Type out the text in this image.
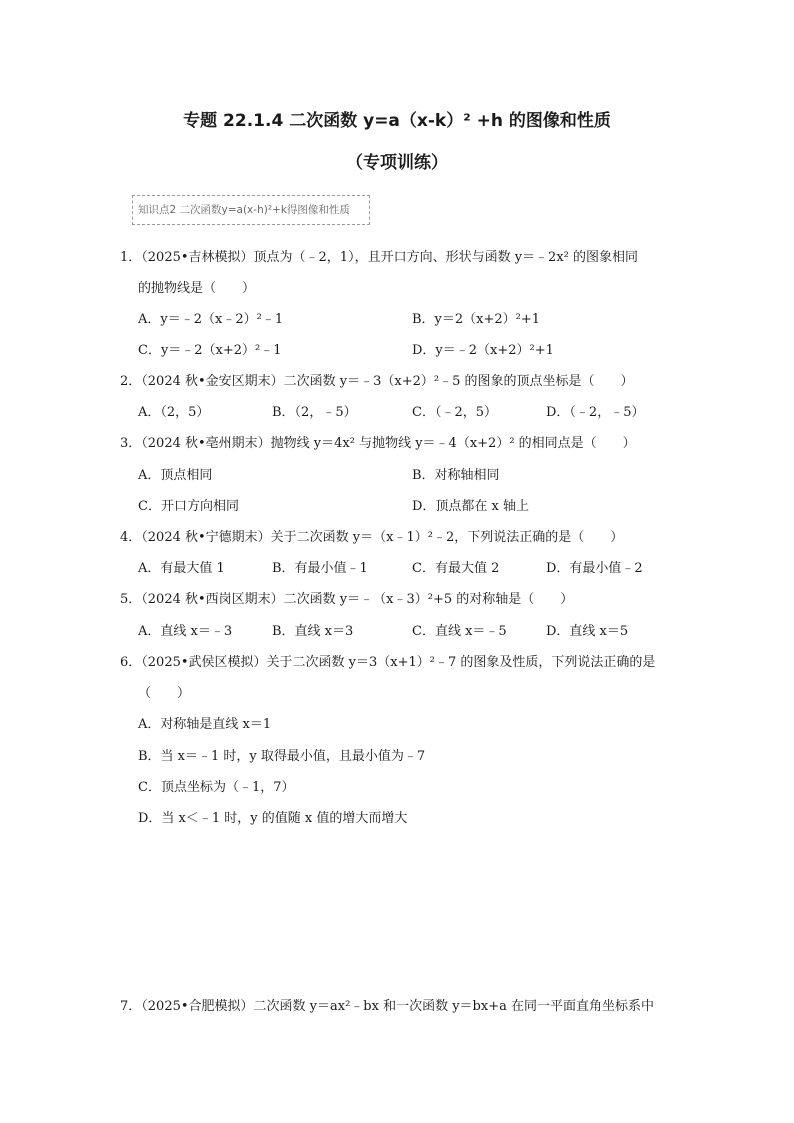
专题 22.1.4 二次函数 y=a（x-k）² +h 的图像和性质
（专项训练）
知识点2 二次函数y=a(x-h)²+k得图像和性质
1．（2025•吉林模拟）顶点为（﹣2，1），且开口方向、形状与函数 y＝﹣2x² 的图象相同
的抛物线是（　　）
A．y＝﹣2（x﹣2）²﹣1	B．y＝2（x+2）²+1
C．y＝﹣2（x+2）²﹣1	D．y＝﹣2（x+2）²+1
2．（2024 秋•金安区期末）二次函数 y＝﹣3（x+2）²﹣5 的图象的顶点坐标是（　　）
A．（2，5）	B．（2，﹣5）	C．（﹣2，5）	D．（﹣2，﹣5）
3．（2024 秋•亳州期末）抛物线 y＝4x² 与抛物线 y＝﹣4（x+2）² 的相同点是（　　）
A．顶点相同	B．对称轴相同
C．开口方向相同	D．顶点都在 x 轴上
4．（2024 秋•宁德期末）关于二次函数 y＝（x﹣1）²﹣2，下列说法正确的是（　　）
A．有最大值 1	B．有最小值﹣1	C．有最大值 2	D．有最小值﹣2
5．（2024 秋•西岗区期末）二次函数 y＝﹣（x﹣3）²+5 的对称轴是（　　）
A．直线 x＝﹣3	B．直线 x＝3	C．直线 x＝﹣5	D．直线 x＝5
6．（2025•武侯区模拟）关于二次函数 y＝3（x+1）²﹣7 的图象及性质，下列说法正确的是
（　　）
A．对称轴是直线 x＝1
B．当 x＝﹣1 时，y 取得最小值，且最小值为﹣7
C．顶点坐标为（﹣1，7）
D．当 x＜﹣1 时，y 的值随 x 值的增大而增大
7．（2025•合肥模拟）二次函数 y＝ax²﹣bx 和一次函数 y＝bx+a 在同一平面直角坐标系中
